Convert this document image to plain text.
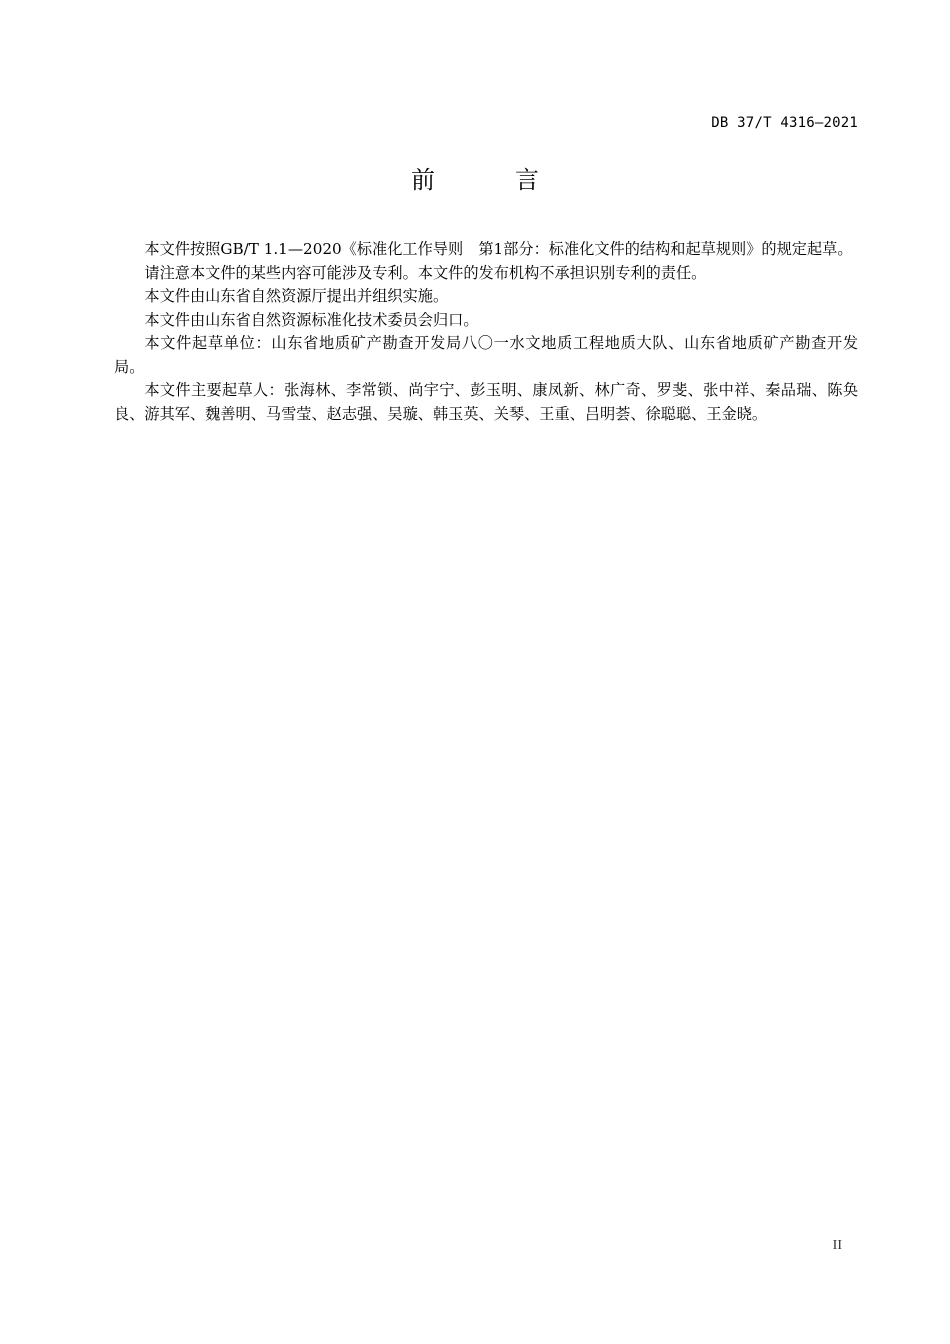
DB 37/T 4316—2021
前　言

本文件按照GB/T 1.1—2020《标准化工作导则　第1部分：标准化文件的结构和起草规则》的规定起草。

请注意本文件的某些内容可能涉及专利。本文件的发布机构不承担识别专利的责任。

本文件由山东省自然资源厅提出并组织实施。

本文件由山东省自然资源标准化技术委员会归口。

本文件起草单位：山东省地质矿产勘查开发局八〇一水文地质工程地质大队、山东省地质矿产勘查开发局。

本文件主要起草人：张海林、李常锁、尚宇宁、彭玉明、康凤新、林广奇、罗斐、张中祥、秦品瑞、陈奂良、游其军、魏善明、马雪莹、赵志强、吴璇、韩玉英、关琴、王重、吕明荟、徐聪聪、王金晓。

II
